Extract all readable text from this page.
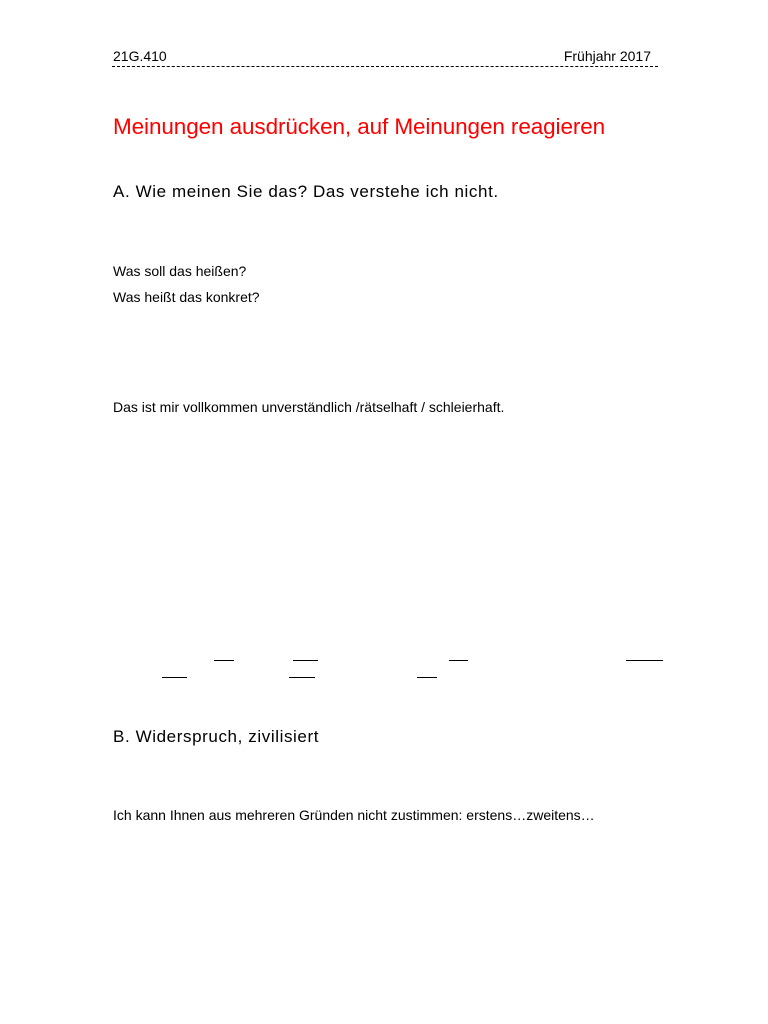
21G.410	Frühjahr 2017
Meinungen ausdrücken, auf Meinungen reagieren
A. Wie meinen Sie das? Das verstehe ich nicht.
Was soll das heißen?
Was heißt das konkret?
Das ist mir vollkommen unverständlich /rätselhaft / schleierhaft.
B. Widerspruch, zivilisiert
Ich kann Ihnen aus mehreren Gründen nicht zustimmen: erstens…zweitens…
